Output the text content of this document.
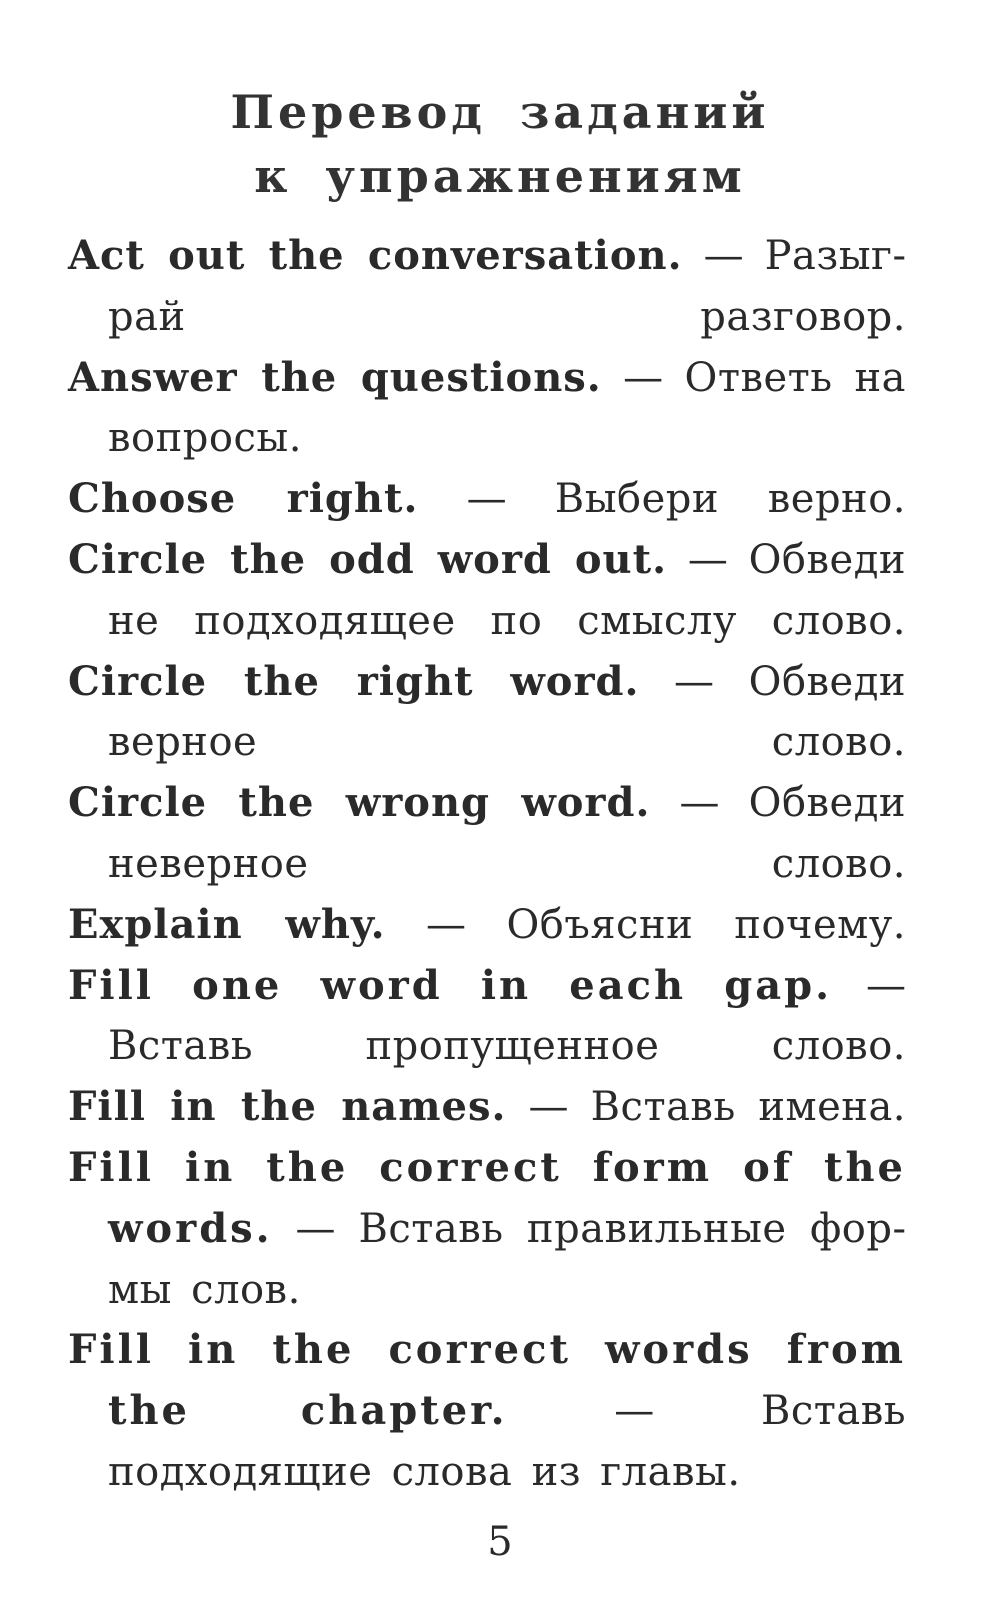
Перевод заданий
к упражнениям
Act out the conversation. — Разыграй разговор.
Answer the questions. — Ответь на вопросы.
Choose right. — Выбери верно.
Circle the odd word out. — Обведи не подходящее по смыслу слово.
Circle the right word. — Обведи верное слово.
Circle the wrong word. — Обведи неверное слово.
Explain why. — Объясни почему.
Fill one word in each gap. — Вставь пропущенное слово.
Fill in the names. — Вставь имена.
Fill in the correct form of the words. — Вставь правильные формы слов.
Fill in the correct words from the chapter.	—	Вставь подходящие слова из главы.
5
